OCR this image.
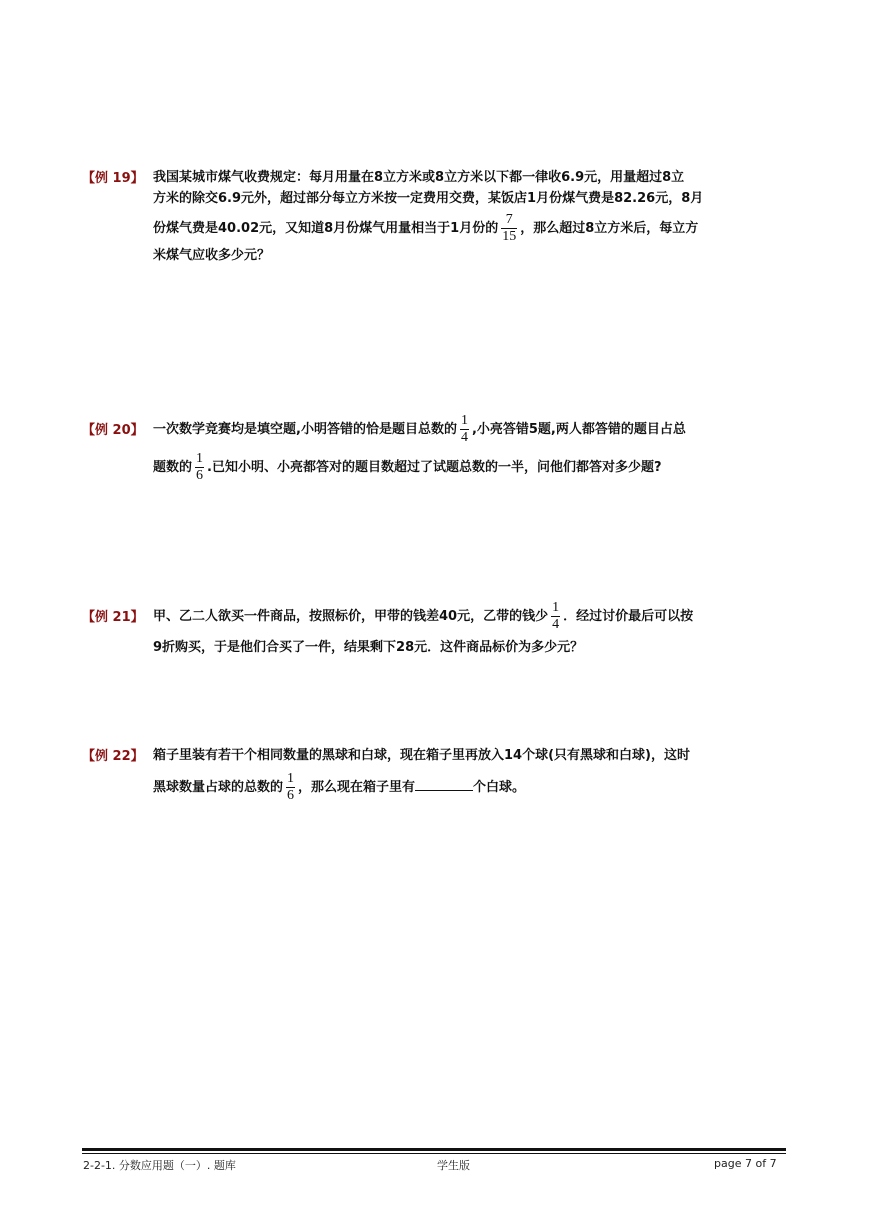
【例 19】 我国某城市煤气收费规定：每月用量在8立方米或8立方米以下都一律收6.9元，用量超过8立
方米的除交6.9元外，超过部分每立方米按一定费用交费，某饭店1月份煤气费是82.26元，8月
份煤气费是40.02元，又知道8月份煤气用量相当于1月份的 $\frac{7}{15}$ ，那么超过8立方米后，每立方
米煤气应收多少元？
【例 20】 一次数学竞赛均是填空题,小明答错的恰是题目总数的 $\frac{1}{4}$ ,小亮答错5题,两人都答错的题目占总
题数的 $\frac{1}{6}$ .已知小明、小亮都答对的题目数超过了试题总数的一半，问他们都答对多少题?
【例 21】 甲、乙二人欲买一件商品，按照标价，甲带的钱差40元，乙带的钱少 $\frac{1}{4}$ ．经过讨价最后可以按
9折购买，于是他们合买了一件，结果剩下28元．这件商品标价为多少元？
【例 22】 箱子里装有若干个相同数量的黑球和白球，现在箱子里再放入14个球(只有黑球和白球)，这时
黑球数量占球的总数的 $\frac{1}{6}$ ，那么现在箱子里有	个白球。
2-2-1. 分数应用题（一）. 题库	学生版	page 7 of 7
